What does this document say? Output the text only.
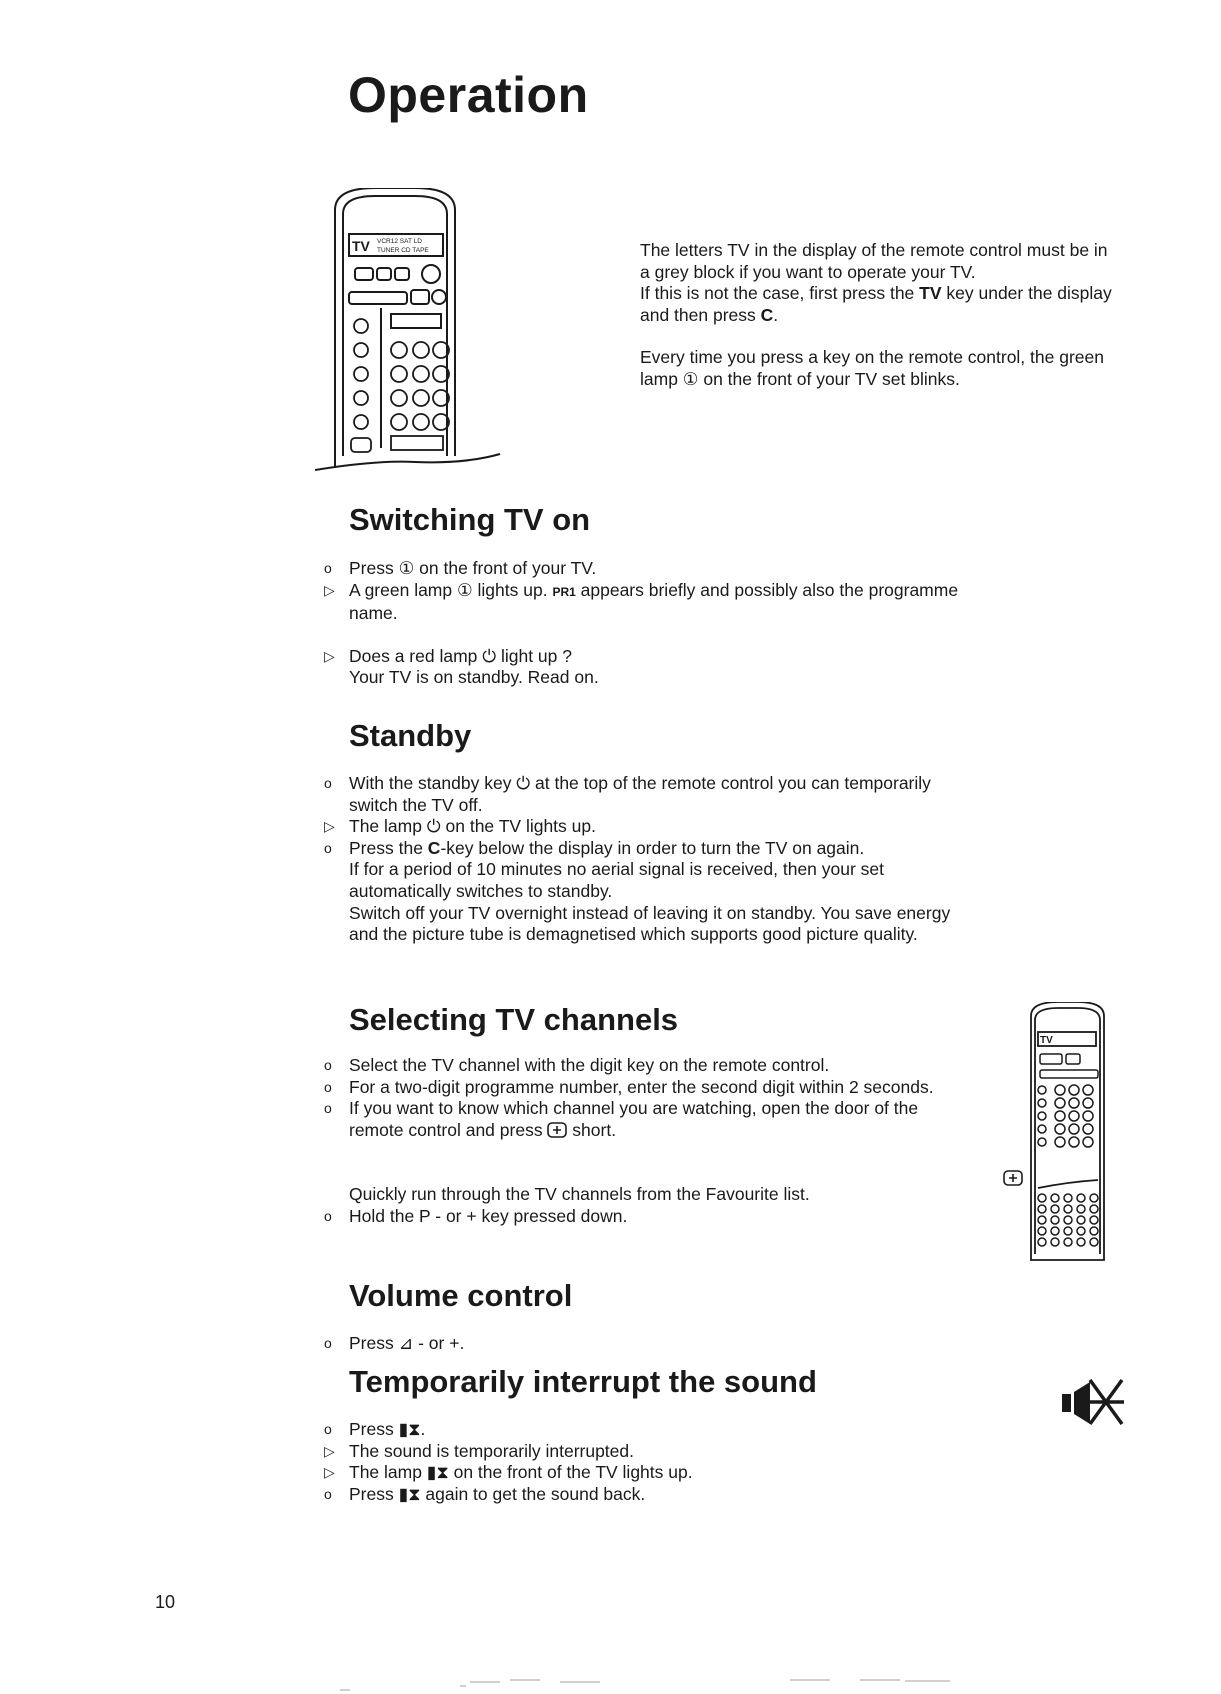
Operation
TV VCR12 SAT LD
TUNER CD TAPE	The letters TV in the display of the remote control must be in a grey block if you want to operate your TV.

If this is not the case, first press the TV key under the display and then press C.

Every time you press a key on the remote control, the green lamp ① on the front of your TV set blinks.

Switching TV on
o Press ① on the front of your TV.
▷ A green lamp ① lights up. PR1 appears briefly and possibly also the programme name.
▷ Does a red lamp ⏻ light up ?
Your TV is on standby. Read on.
Standby
o With the standby key ⏻ at the top of the remote control you can temporarily switch the TV off.
▷ The lamp ⏻ on the TV lights up.
o Press the C-key below the display in order to turn the TV on again.
If for a period of 10 minutes no aerial signal is received, then your set automatically switches to standby.
Switch off your TV overnight instead of leaving it on standby. You save energy and the picture tube is demagnetised which supports good picture quality.
Selecting TV channels
o Select the TV channel with the digit key on the remote control.
o For a two-digit programme number, enter the second digit within 2 seconds.
o If you want to know which channel you are watching, open the door of the remote control and press  short.
Quickly run through the TV channels from the Favourite list.
o Hold the P - or + key pressed down.
TV
Volume control
o Press ⊿ - or +.
Temporarily interrupt the sound
o Press ▮⧗.
▷ The sound is temporarily interrupted.
▷ The lamp ▮⧗ on the front of the TV lights up.
o Press ▮⧗ again to get the sound back.
10
